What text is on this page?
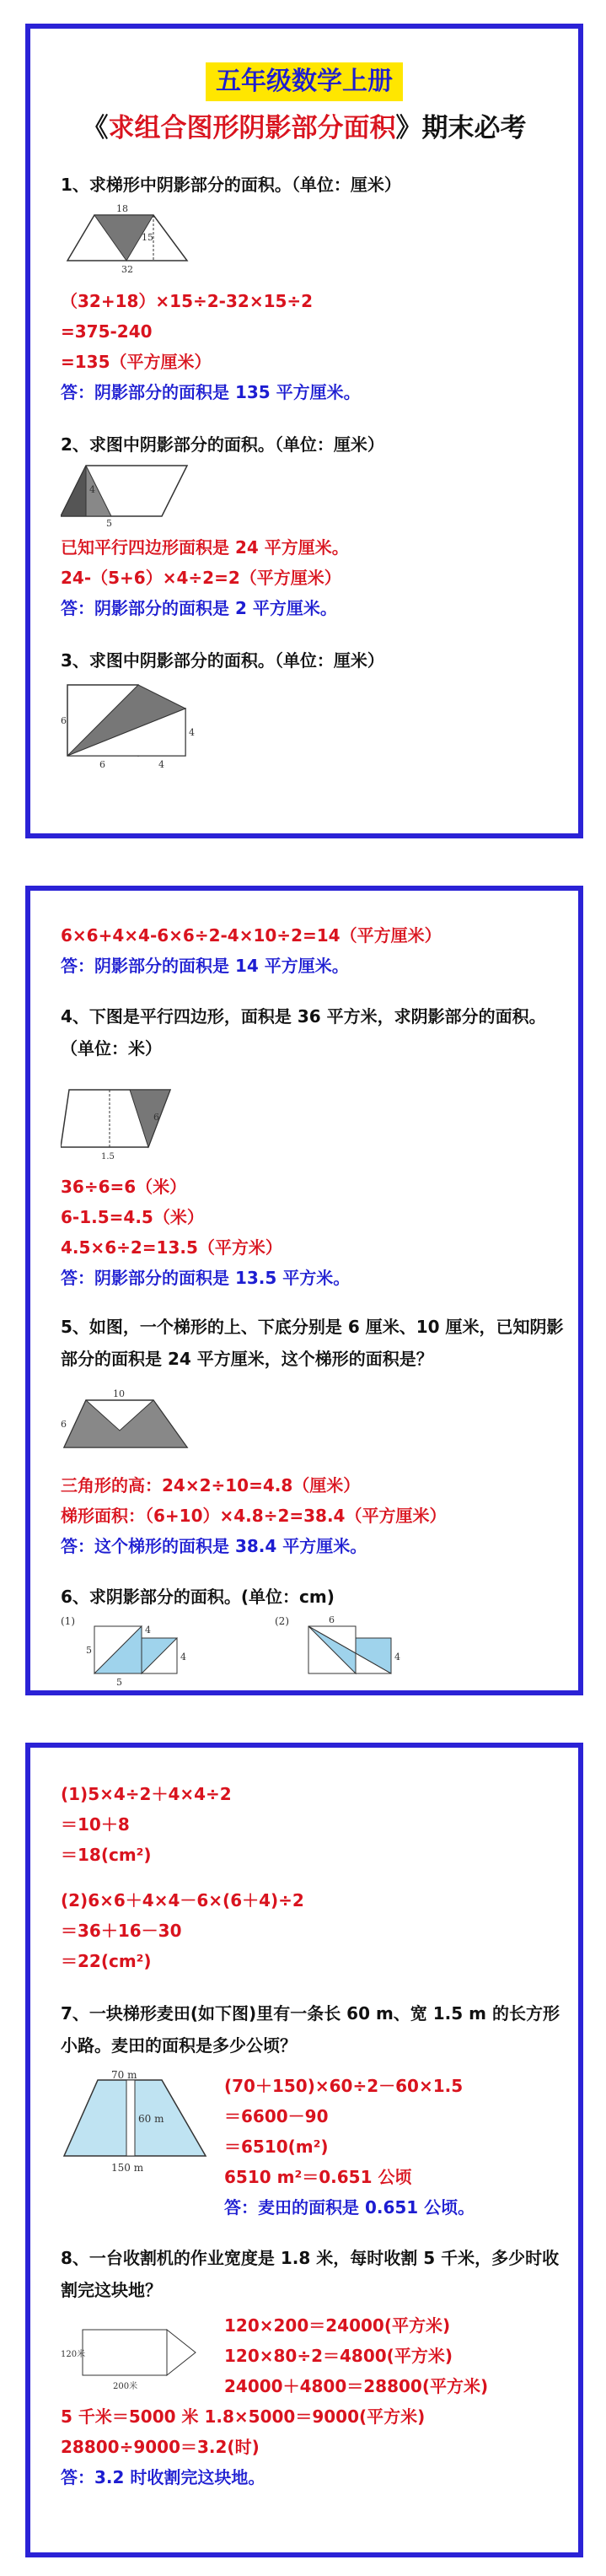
五年级数学上册
《求组合图形阴影部分面积》期末必考
1、求梯形中阴影部分的面积。（单位：厘米）
18
15
32
（32+18）×15÷2-32×15÷2
=375-240
=135（平方厘米）
答：阴影部分的面积是 135 平方厘米。
2、求图中阴影部分的面积。（单位：厘米）
4
5
已知平行四边形面积是 24 平方厘米。
24-（5+6）×4÷2=2（平方厘米）
答：阴影部分的面积是 2 平方厘米。
3、求图中阴影部分的面积。（单位：厘米）
6
6	4
4
6×6+4×4-6×6÷2-4×10÷2=14（平方厘米）
答：阴影部分的面积是 14 平方厘米。
4、下图是平行四边形，面积是 36 平方米，求阴影部分的面积。（单位：米）
6
1.5
36÷6=6（米）
6-1.5=4.5（米）
4.5×6÷2=13.5（平方米）
答：阴影部分的面积是 13.5 平方米。
5、如图，一个梯形的上、下底分别是 6 厘米、10 厘米，已知阴影部分的面积是 24 平方厘米，这个梯形的面积是？
10
6
三角形的高：24×2÷10=4.8（厘米）
梯形面积：（6+10）×4.8÷2=38.4（平方厘米）
答：这个梯形的面积是 38.4 平方厘米。
6、求阴影部分的面积。(单位：cm)
(1)
5
4
4
5
(2)	6
4
(1)5×4÷2＋4×4÷2
＝10＋8
＝18(cm²)
(2)6×6＋4×4－6×(6＋4)÷2
＝36＋16－30
＝22(cm²)
7、一块梯形麦田(如下图)里有一条长 60 m、宽 1.5 m 的长方形小路。麦田的面积是多少公顷？
70 m
60 m
150 m
(70＋150)×60÷2－60×1.5
＝6600－90
＝6510(m²)
6510 m²＝0.651 公顷
答：麦田的面积是 0.651 公顷。
8、一台收割机的作业宽度是 1.8 米，每时收割 5 千米，多少时收割完这块地？
120米
200米
120×200＝24000(平方米)
120×80÷2＝4800(平方米)
24000＋4800＝28800(平方米)
5 千米＝5000 米 1.8×5000＝9000(平方米)
28800÷9000＝3.2(时)
答：3.2 时收割完这块地。
